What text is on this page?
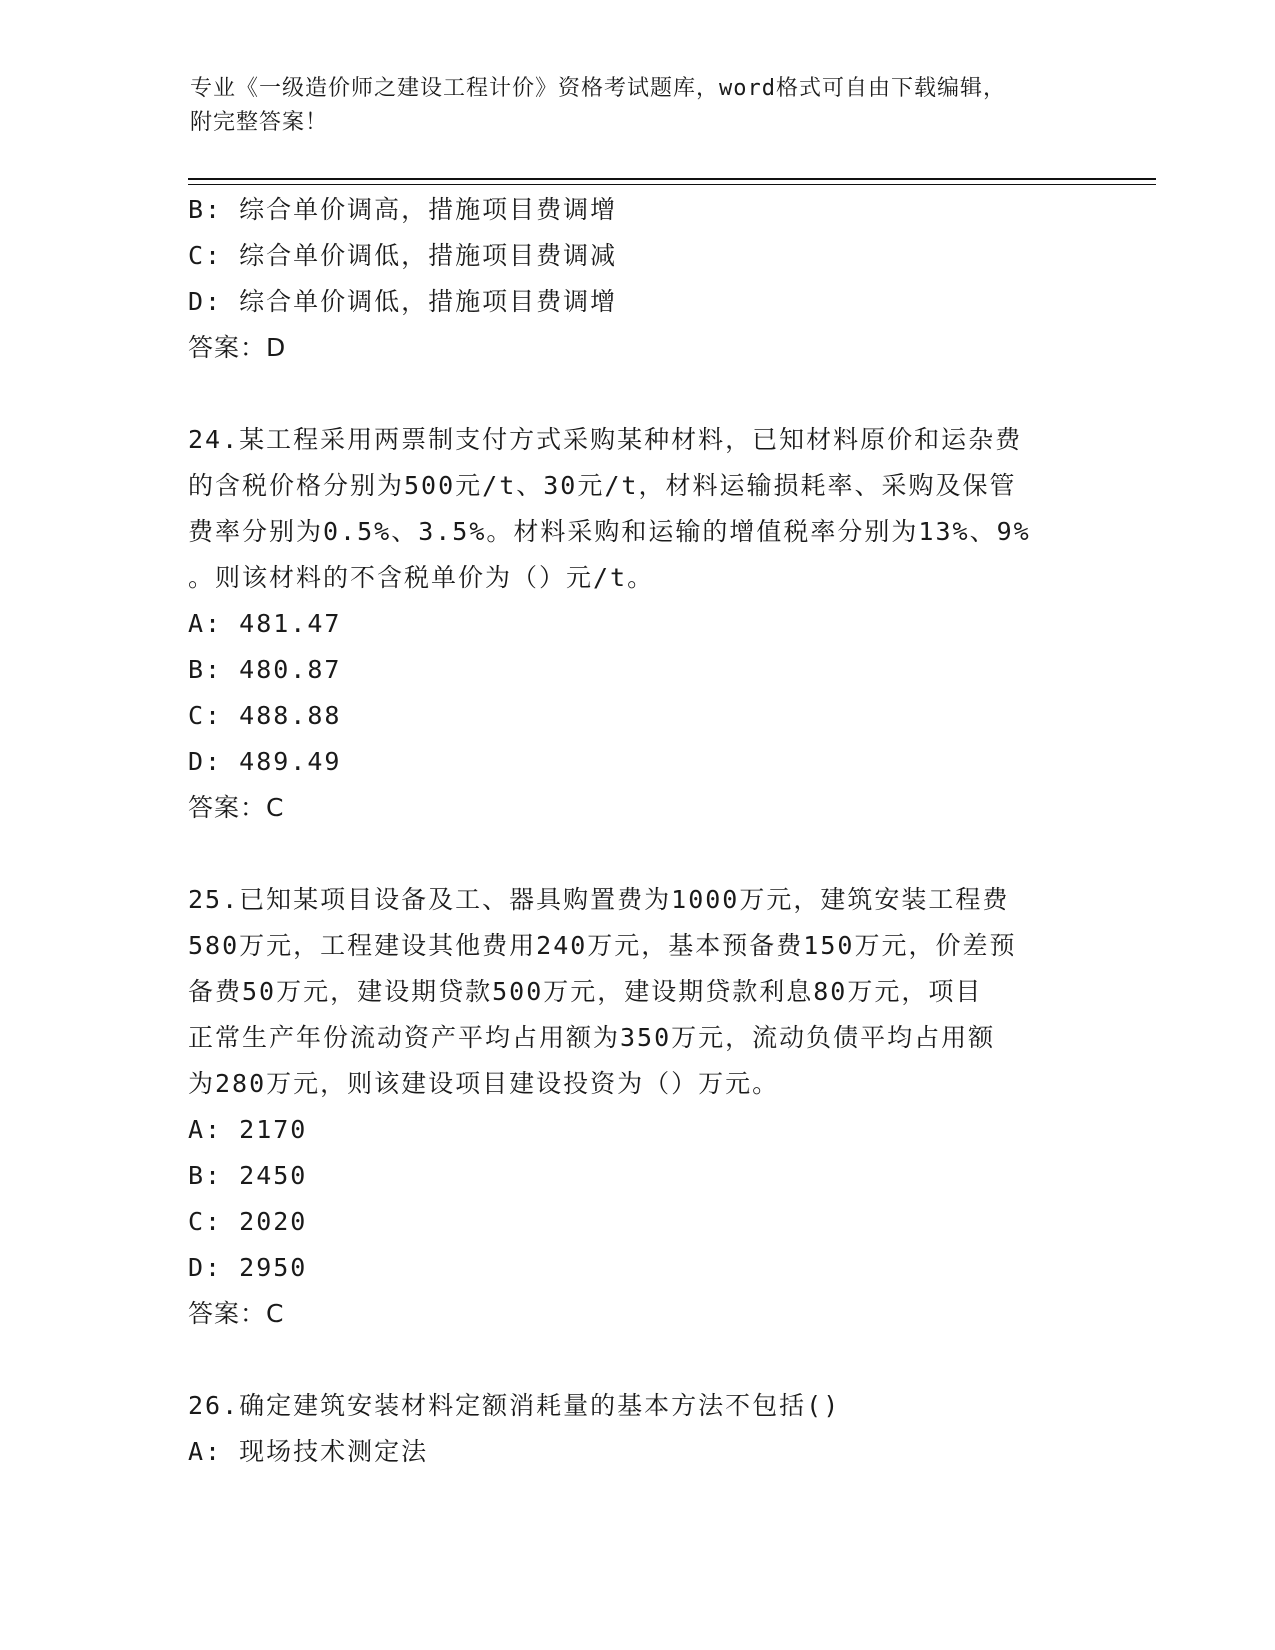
专业《一级造价师之建设工程计价》资格考试题库，word格式可自由下载编辑，
附完整答案！
B: 综合单价调高，措施项目费调增
C: 综合单价调低，措施项目费调减
D: 综合单价调低，措施项目费调增
答案：D
24.某工程采用两票制支付方式采购某种材料，已知材料原价和运杂费
的含税价格分别为500元/t、30元/t，材料运输损耗率、采购及保管
费率分别为0.5%、3.5%。材料采购和运输的增值税率分别为13%、9%
。则该材料的不含税单价为（）元/t。
A: 481.47
B: 480.87
C: 488.88
D: 489.49
答案：C
25.已知某项目设备及工、器具购置费为1000万元，建筑安装工程费
580万元，工程建设其他费用240万元，基本预备费150万元，价差预
备费50万元，建设期贷款500万元，建设期贷款利息80万元，项目
正常生产年份流动资产平均占用额为350万元，流动负债平均占用额
为280万元，则该建设项目建设投资为（）万元。
A: 2170
B: 2450
C: 2020
D: 2950
答案：C
26.确定建筑安装材料定额消耗量的基本方法不包括()
A: 现场技术测定法
